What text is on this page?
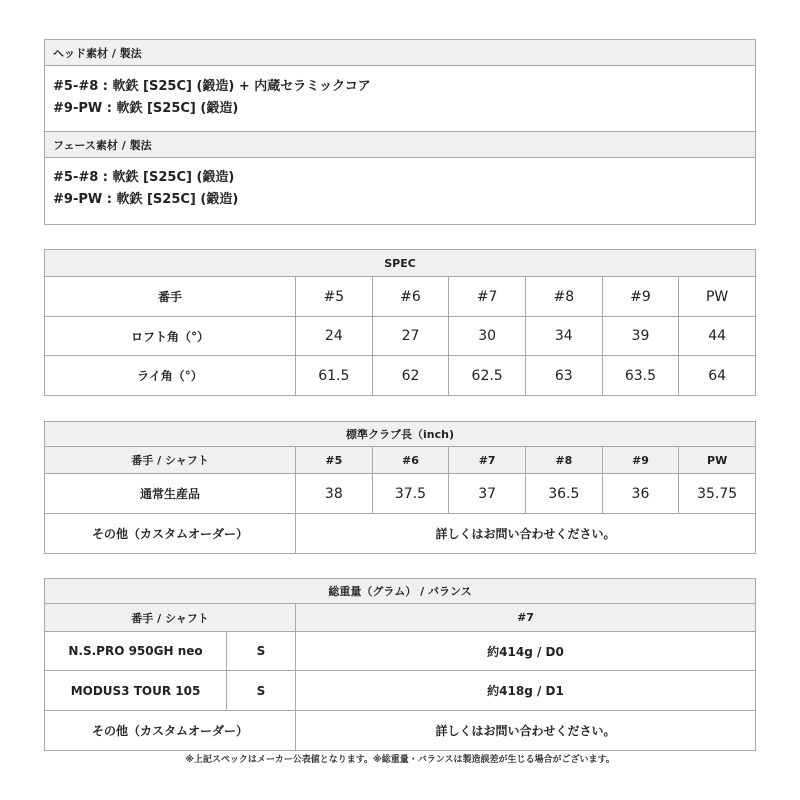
ヘッド素材 / 製法
#5-#8 : 軟鉄 [S25C] (鍛造) + 内蔵セラミックコア
#9-PW : 軟鉄 [S25C] (鍛造)
フェース素材 / 製法
#5-#8 : 軟鉄 [S25C] (鍛造)
#9-PW : 軟鉄 [S25C] (鍛造)
SPEC						
番手	#5	#6	#7	#8	#9	PW
ロフト角（°）	24	27	30	34	39	44
ライ角（°）	61.5	62	62.5	63	63.5	64
標準クラブ長（inch)						
番手 / シャフト	#5	#6	#7	#8	#9	PW
通常生産品	38	37.5	37	36.5	36	35.75
その他（カスタムオーダー）	詳しくはお問い合わせください。					
総重量（グラム） / バランス		
番手 / シャフト		#7
N.S.PRO 950GH neo	S	約414g / D0
MODUS3 TOUR 105	S	約418g / D1
その他（カスタムオーダー）		詳しくはお問い合わせください。
※上記スペックはメーカー公表値となります。※総重量・バランスは製造誤差が生じる場合がございます。
